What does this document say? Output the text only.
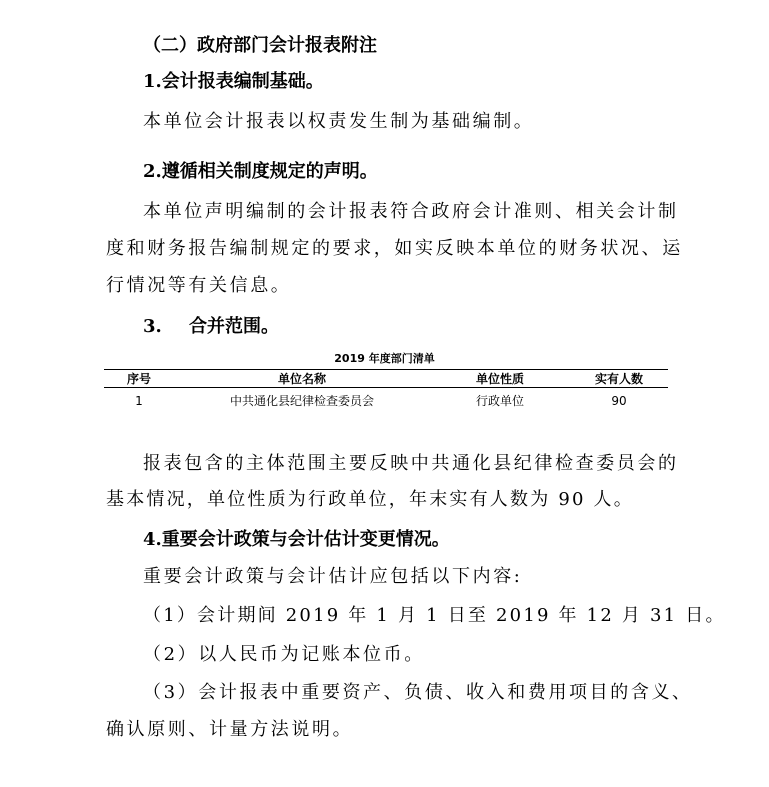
（二）政府部门会计报表附注
1.会计报表编制基础。
本单位会计报表以权责发生制为基础编制。
2.遵循相关制度规定的声明。
本单位声明编制的会计报表符合政府会计准则、相关会计制
度和财务报告编制规定的要求，如实反映本单位的财务状况、运
行情况等有关信息。
3. 合并范围。
2019 年度部门清单
序号	单位名称	单位性质	实有人数
1	中共通化县纪律检查委员会	行政单位	90
报表包含的主体范围主要反映中共通化县纪律检查委员会的
基本情况，单位性质为行政单位，年末实有人数为 90 人。
4.重要会计政策与会计估计变更情况。
重要会计政策与会计估计应包括以下内容:
（1）会计期间 2019 年 1 月 1 日至 2019 年 12 月 31 日。
（2）以人民币为记账本位币。
（3）会计报表中重要资产、负债、收入和费用项目的含义、
确认原则、计量方法说明。
